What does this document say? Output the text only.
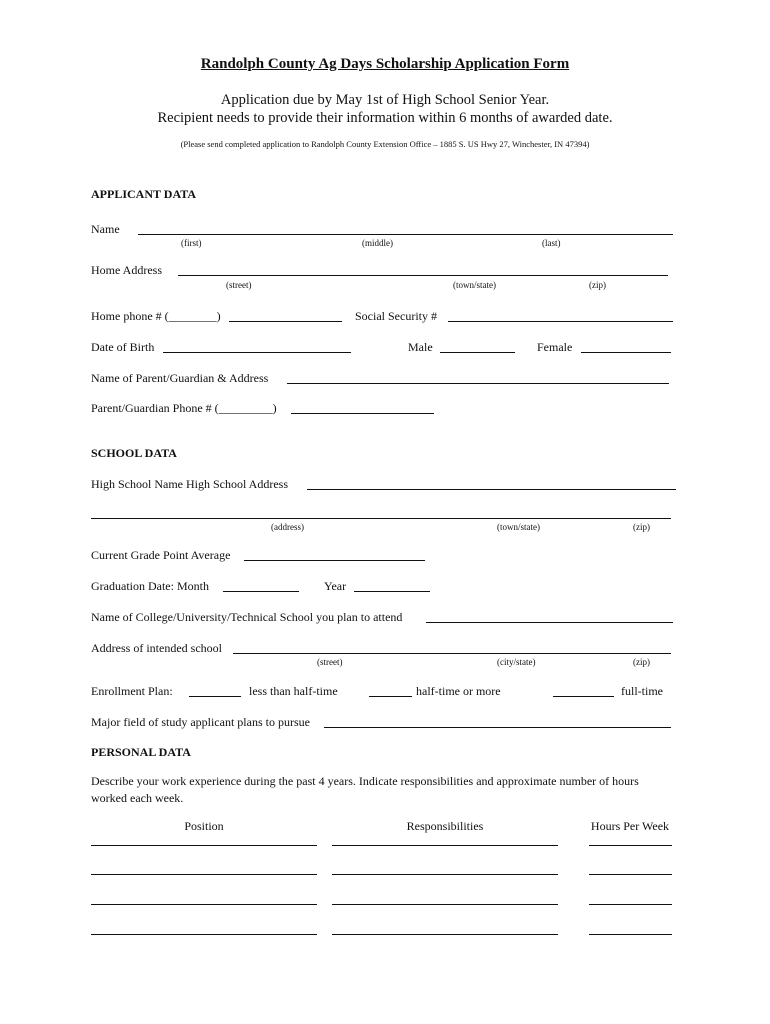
Randolph County Ag Days Scholarship Application Form
Application due by May 1st of High School Senior Year.
Recipient needs to provide their information within 6 months of awarded date.
(Please send completed application to Randolph County Extension Office – 1885 S. US Hwy 27, Winchester, IN 47394)
APPLICANT DATA
Name
(first)	(middle)	(last)
Home Address
(street)	(town/state)	(zip)
Home phone # (________)	Social Security #
Date of Birth	Male	Female
Name of Parent/Guardian & Address
Parent/Guardian Phone # (_________)
SCHOOL DATA
High School Name High School Address
(address)	(town/state)	(zip)
Current Grade Point Average
Graduation Date: Month	Year
Name of College/University/Technical School you plan to attend
Address of intended school
(street)	(city/state)	(zip)
Enrollment Plan:	less than half-time	half-time or more	full-time
Major field of study applicant plans to pursue
PERSONAL DATA
Describe your work experience during the past 4 years. Indicate responsibilities and approximate number of hours
worked each week.
Position	Responsibilities	Hours Per Week
